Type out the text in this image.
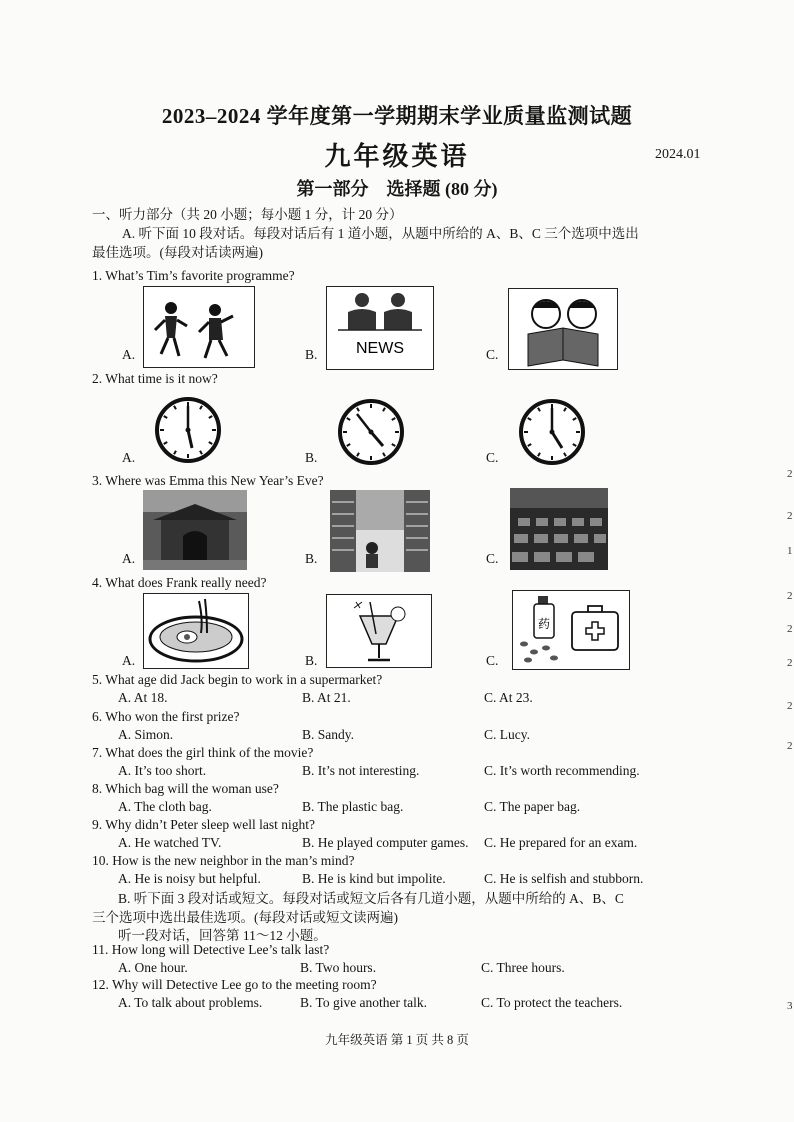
2023–2024 学年度第一学期期末学业质量监测试题
九年级英语	2024.01
第一部分　选择题 (80 分)
一、听力部分（共 20 小题；每小题 1 分，计 20 分）
A. 听下面 10 段对话。每段对话后有 1 道小题，从题中所给的 A、B、C 三个选项中选出
最佳选项。(每段对话读两遍)
1. What’s Tim’s favorite programme?
A.	B. NEWS	C.
2. What time is it now?
A.	B.	C.
3. Where was Emma this New Year’s Eve?
A.	B.	C.
4. What does Frank really need?
A.	B.	C.
药
5. What age did Jack begin to work in a supermarket?
A. At 18.	B. At 21.	C. At 23.
6. Who won the first prize?
A. Simon.	B. Sandy.	C. Lucy.
7. What does the girl think of the movie?
A. It’s too short.	B. It’s not interesting.	C. It’s worth recommending.
8. Which bag will the woman use?
A. The cloth bag.	B. The plastic bag.	C. The paper bag.
9. Why didn’t Peter sleep well last night?
A. He watched TV.	B. He played computer games. C. He prepared for an exam.
10. How is the new neighbor in the man’s mind?
A. He is noisy but helpful.	B. He is kind but impolite.	C. He is selfish and stubborn.
B. 听下面 3 段对话或短文。每段对话或短文后各有几道小题，从题中所给的 A、B、C
三个选项中选出最佳选项。(每段对话或短文读两遍)
听一段对话，回答第 11～12 小题。
11. How long will Detective Lee’s talk last?
A. One hour.	B. Two hours.	C. Three hours.
12. Why will Detective Lee go to the meeting room?
A. To talk about problems.	B. To give another talk.	C. To protect the teachers.
九年级英语 第 1 页 共 8 页
2
2
1
2
2
2
2
2
3
